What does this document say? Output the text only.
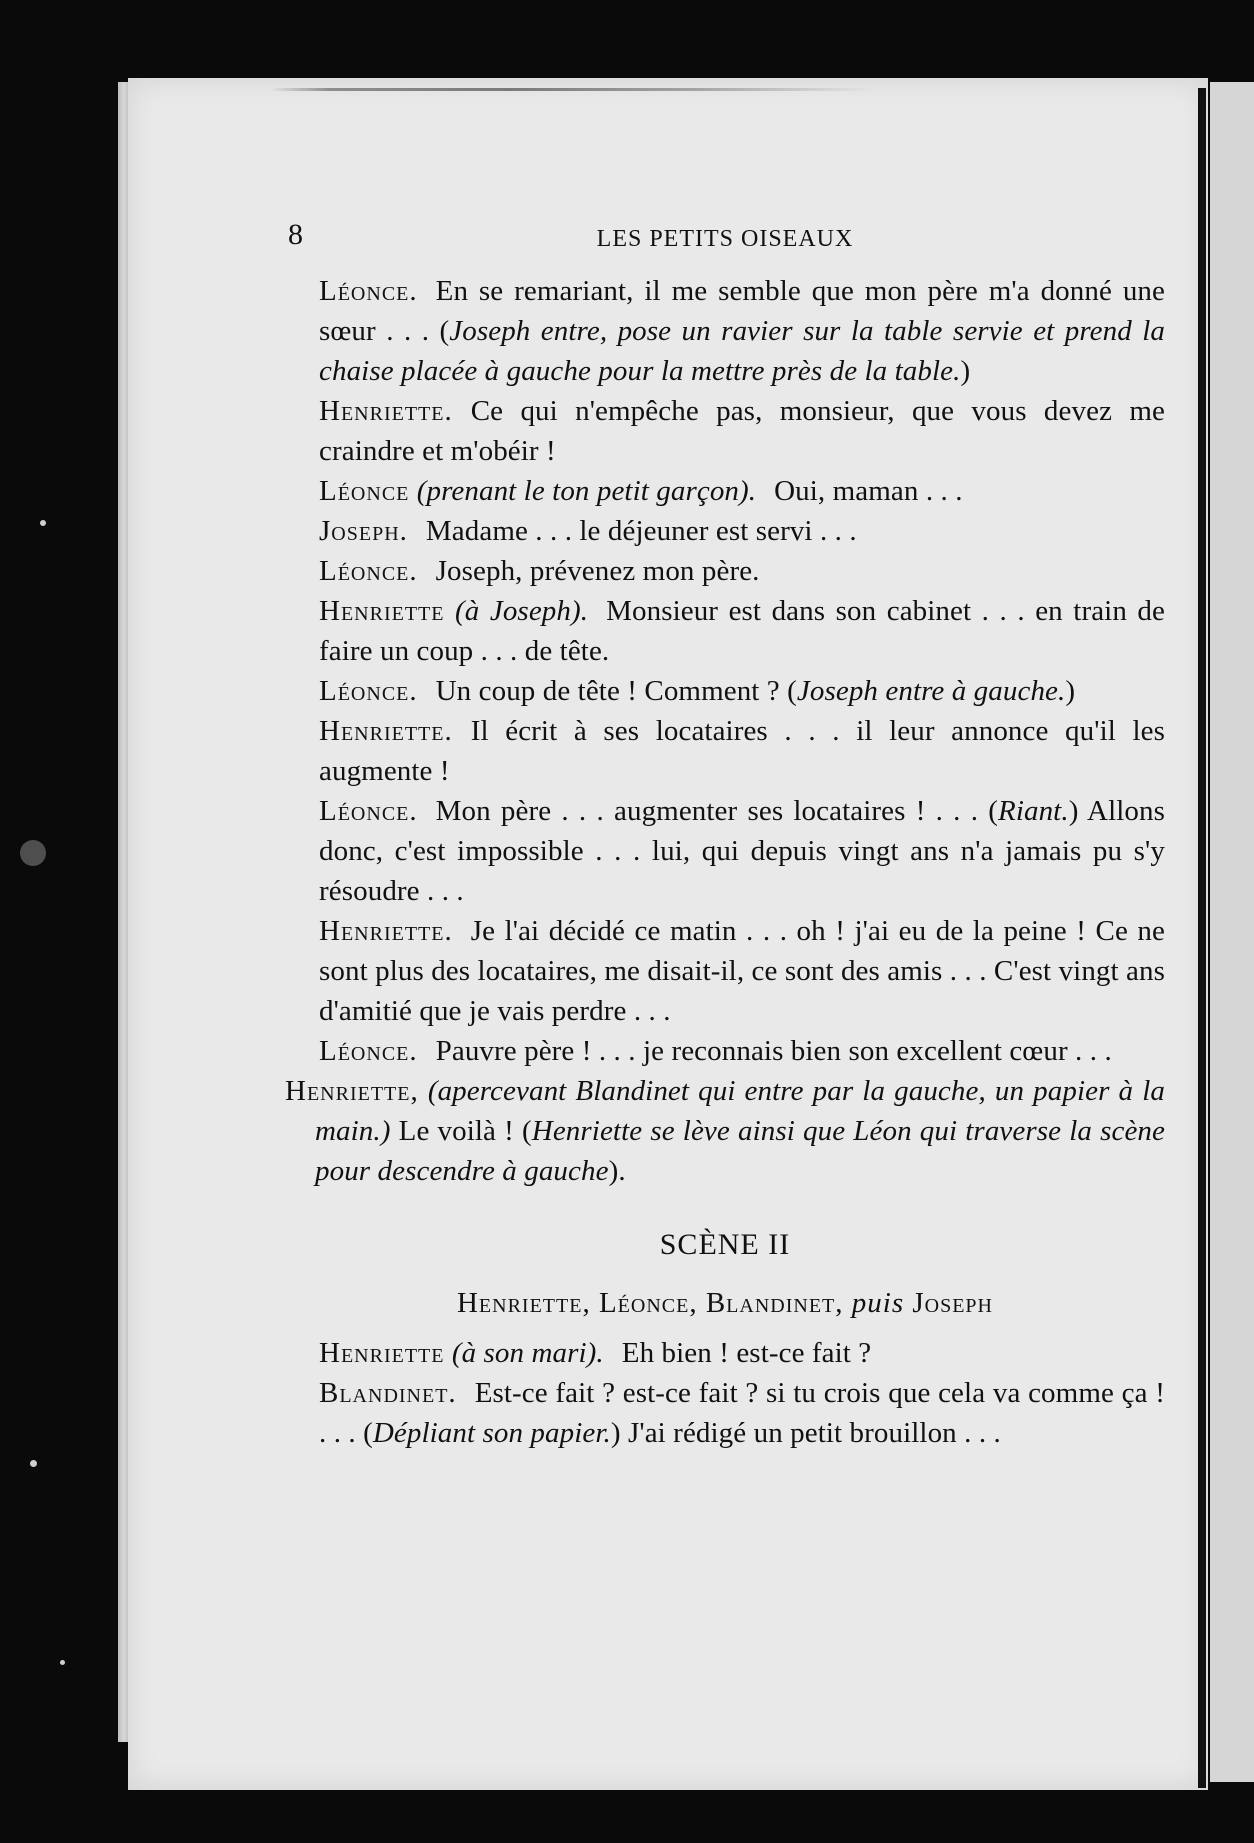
8	LES PETITS OISEAUX

Léonce. En se remariant, il me semble que mon père m'a donné une sœur . . . (Joseph entre, pose un ravier sur la table servie et prend la chaise placée à gauche pour la mettre près de la table.)

Henriette. Ce qui n'empêche pas, monsieur, que vous devez me craindre et m'obéir !

Léonce (prenant le ton petit garçon). Oui, maman . . .

Joseph. Madame . . . le déjeuner est servi . . .

Léonce. Joseph, prévenez mon père.

Henriette (à Joseph). Monsieur est dans son cabinet . . . en train de faire un coup . . . de tête.

Léonce. Un coup de tête ! Comment ? (Joseph entre à gauche.)

Henriette. Il écrit à ses locataires . . . il leur annonce qu'il les augmente !

Léonce. Mon père . . . augmenter ses locataires ! . . . (Riant.) Allons donc, c'est impossible . . . lui, qui depuis vingt ans n'a jamais pu s'y résoudre . . .

Henriette. Je l'ai décidé ce matin . . . oh ! j'ai eu de la peine ! Ce ne sont plus des locataires, me disait-il, ce sont des amis . . . C'est vingt ans d'amitié que je vais perdre . . .

Léonce. Pauvre père ! . . . je reconnais bien son excellent cœur . . .

Henriette, (apercevant Blandinet qui entre par la gauche, un papier à la main.) Le voilà ! (Henriette se lève ainsi que Léon qui traverse la scène pour descendre à gauche).

SCÈNE II
Henriette, Léonce, Blandinet, puis Joseph

Henriette (à son mari). Eh bien ! est-ce fait ?

Blandinet. Est-ce fait ? est-ce fait ? si tu crois que cela va comme ça ! . . . (Dépliant son papier.) J'ai rédigé un petit brouillon . . .
